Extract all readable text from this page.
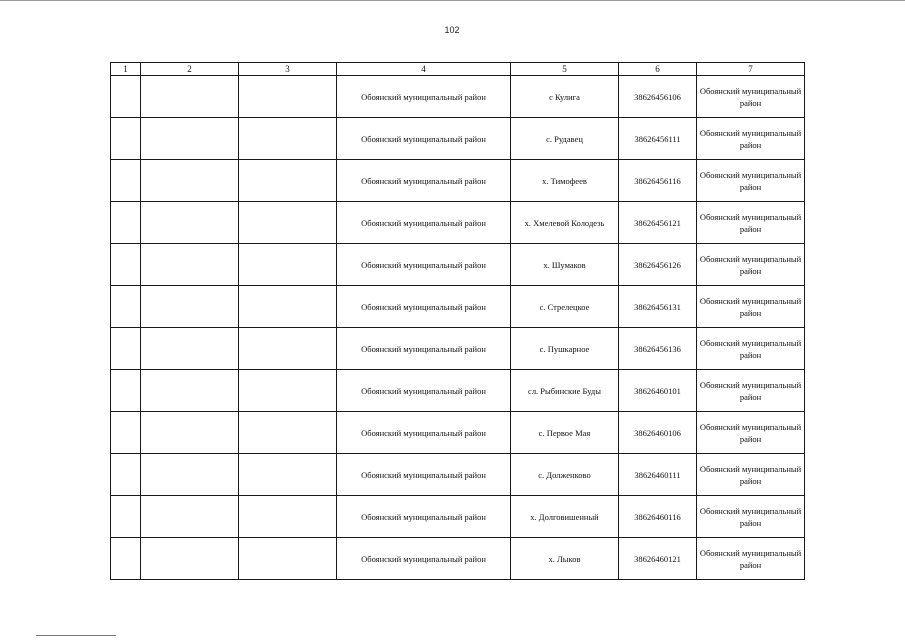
102
1	2	3	4	5	6	7
			Обоянский муниципальный район	с Кулига	38626456106	Обоянский муниципальный район
			Обоянский муниципальный район	с. Рудавец	38626456111	Обоянский муниципальный район
			Обоянский муниципальный район	х. Тимофеев	38626456116	Обоянский муниципальный район
			Обоянский муниципальный район	х. Хмелевой Колодезь	38626456121	Обоянский муниципальный район
			Обоянский муниципальный район	х. Шумаков	38626456126	Обоянский муниципальный район
			Обоянский муниципальный район	с. Стрелецкое	38626456131	Обоянский муниципальный район
			Обоянский муниципальный район	с. Пушкарное	38626456136	Обоянский муниципальный район
			Обоянский муниципальный район	сл. Рыбинские Буды	38626460101	Обоянский муниципальный район
			Обоянский муниципальный район	с. Первое Мая	38626460106	Обоянский муниципальный район
			Обоянский муниципальный район	с. Долженково	38626460111	Обоянский муниципальный район
			Обоянский муниципальный район	х. Долговишенный	38626460116	Обоянский муниципальный район
			Обоянский муниципальный район	х. Лыков	38626460121	Обоянский муниципальный район
